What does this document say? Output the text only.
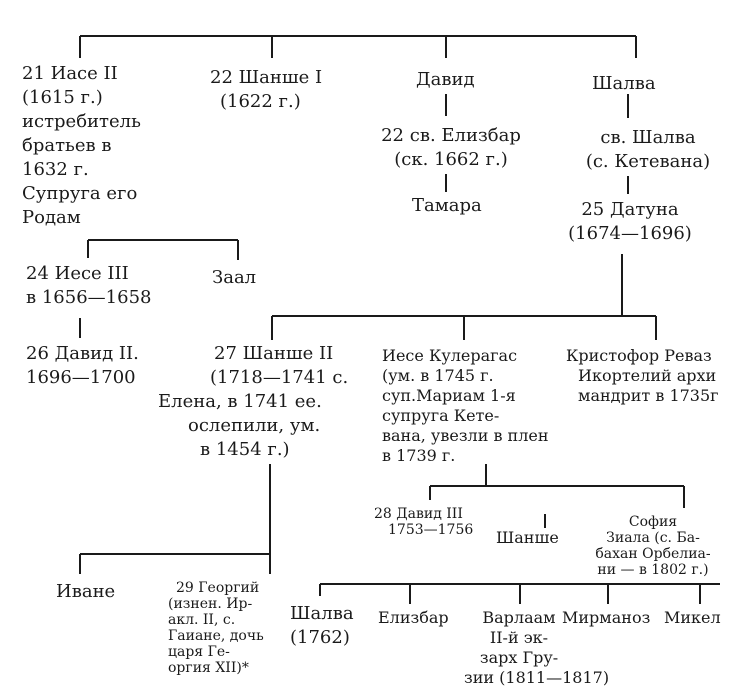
21 Иасе II
(1615 г.)
истребитель
братьев в
1632 г.
Супруга его
Родам
22 Шанше I
(1622 г.)
Давид	Шалва
22 св. Елизбар
(ск. 1662 г.)
св. Шалва
(с. Кетевана)
Тамара	25 Датуна
(1674—1696)
24 Иесе III
в 1656—1658
Заал
26 Давид II.
1696—1700
27 Шанше II
(1718—1741 с.
Елена, в 1741 ее.
ослепили, ум.
в 1454 г.)
Иесе Кулерагас
(ум. в 1745 г.
суп.Мариам 1-я
супруга Кете-
вана, увезли в плен
в 1739 г.
Кристофор Реваз
Икортелий архи
мандрит в 1735г
28 Давид III
1753—1756 Шанше
София
Зиала (с. Ба-
бахан Орбелиа-
ни — в 1802 г.)
Иване	29 Георгий
(изнен. Ир-
акл. II, с.
Гаиане, дочь
царя Ге-
оргия XII)*
Шалва
(1762)
Елизбар	Варлаам
II-й эк-
зарх Гру-
зии (1811—1817)
Мирманоз Микел
